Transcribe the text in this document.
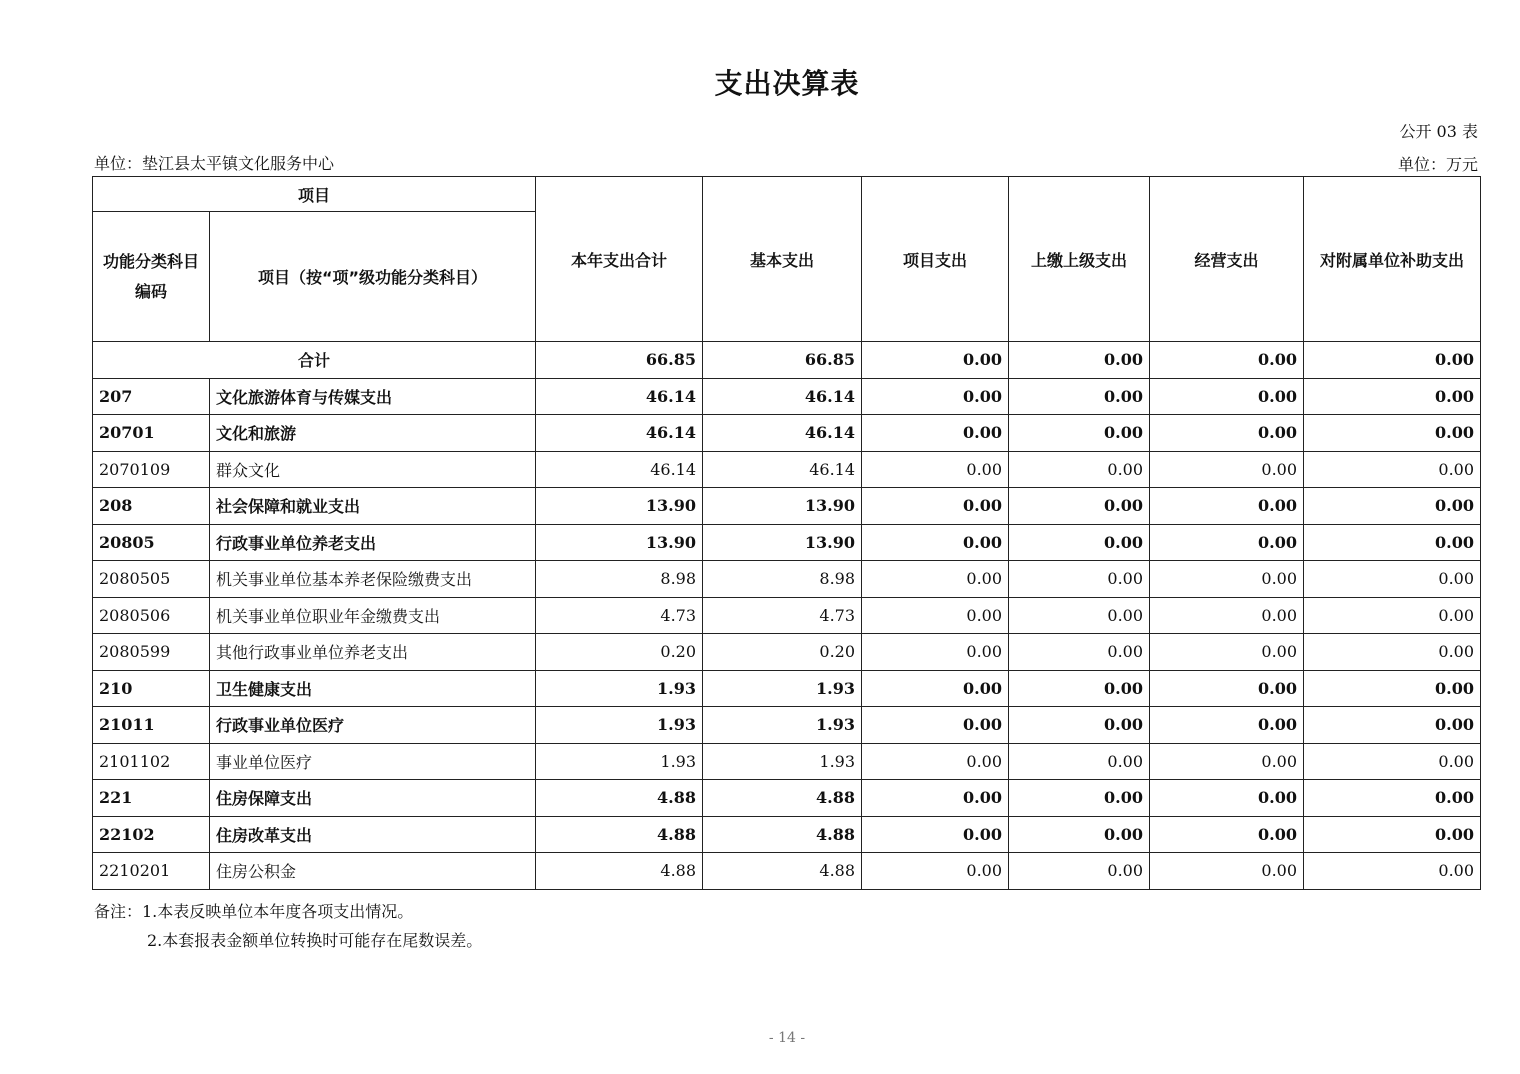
支出决算表
公开 03 表
单位：垫江县太平镇文化服务中心	单位：万元
项目		本年支出合计	基本支出	项目支出	上缴上级支出	经营支出	对附属单位补助支出
功能分类科目编码	项目（按“项”级功能分类科目）						
合计		66.85	66.85	0.00	0.00	0.00	0.00
207	文化旅游体育与传媒支出	46.14	46.14	0.00	0.00	0.00	0.00
20701	文化和旅游	46.14	46.14	0.00	0.00	0.00	0.00
2070109	群众文化	46.14	46.14	0.00	0.00	0.00	0.00
208	社会保障和就业支出	13.90	13.90	0.00	0.00	0.00	0.00
20805	行政事业单位养老支出	13.90	13.90	0.00	0.00	0.00	0.00
2080505	机关事业单位基本养老保险缴费支出	8.98	8.98	0.00	0.00	0.00	0.00
2080506	机关事业单位职业年金缴费支出	4.73	4.73	0.00	0.00	0.00	0.00
2080599	其他行政事业单位养老支出	0.20	0.20	0.00	0.00	0.00	0.00
210	卫生健康支出	1.93	1.93	0.00	0.00	0.00	0.00
21011	行政事业单位医疗	1.93	1.93	0.00	0.00	0.00	0.00
2101102	事业单位医疗	1.93	1.93	0.00	0.00	0.00	0.00
221	住房保障支出	4.88	4.88	0.00	0.00	0.00	0.00
22102	住房改革支出	4.88	4.88	0.00	0.00	0.00	0.00
2210201	住房公积金	4.88	4.88	0.00	0.00	0.00	0.00
备注：1.本表反映单位本年度各项支出情况。
2.本套报表金额单位转换时可能存在尾数误差。
- 14 -
